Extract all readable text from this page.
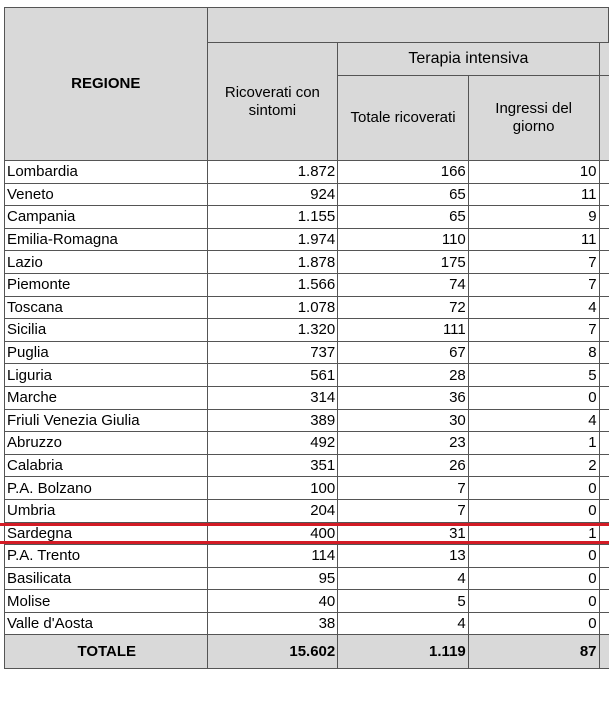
REGIONE				

	Ricoverati con sintomi	Terapia intensiva		
		Totale ricoverati	Ingressi del giorno	

Lombardia	1.872	166	10	
Veneto	924	65	11	
Campania	1.155	65	9	
Emilia-Romagna	1.974	110	11	
Lazio	1.878	175	7	
Piemonte	1.566	74	7	
Toscana	1.078	72	4	
Sicilia	1.320	111	7	
Puglia	737	67	8	
Liguria	561	28	5	
Marche	314	36	0	
Friuli Venezia Giulia	389	30	4	
Abruzzo	492	23	1	
Calabria	351	26	2	
P.A. Bolzano	100	7	0	
Umbria	204	7	0	
Sardegna	400	31	1	
P.A. Trento	114	13	0	
Basilicata	95	4	0	
Molise	40	5	0	
Valle d'Aosta	38	4	0	
TOTALE	15.602	1.119	87	
